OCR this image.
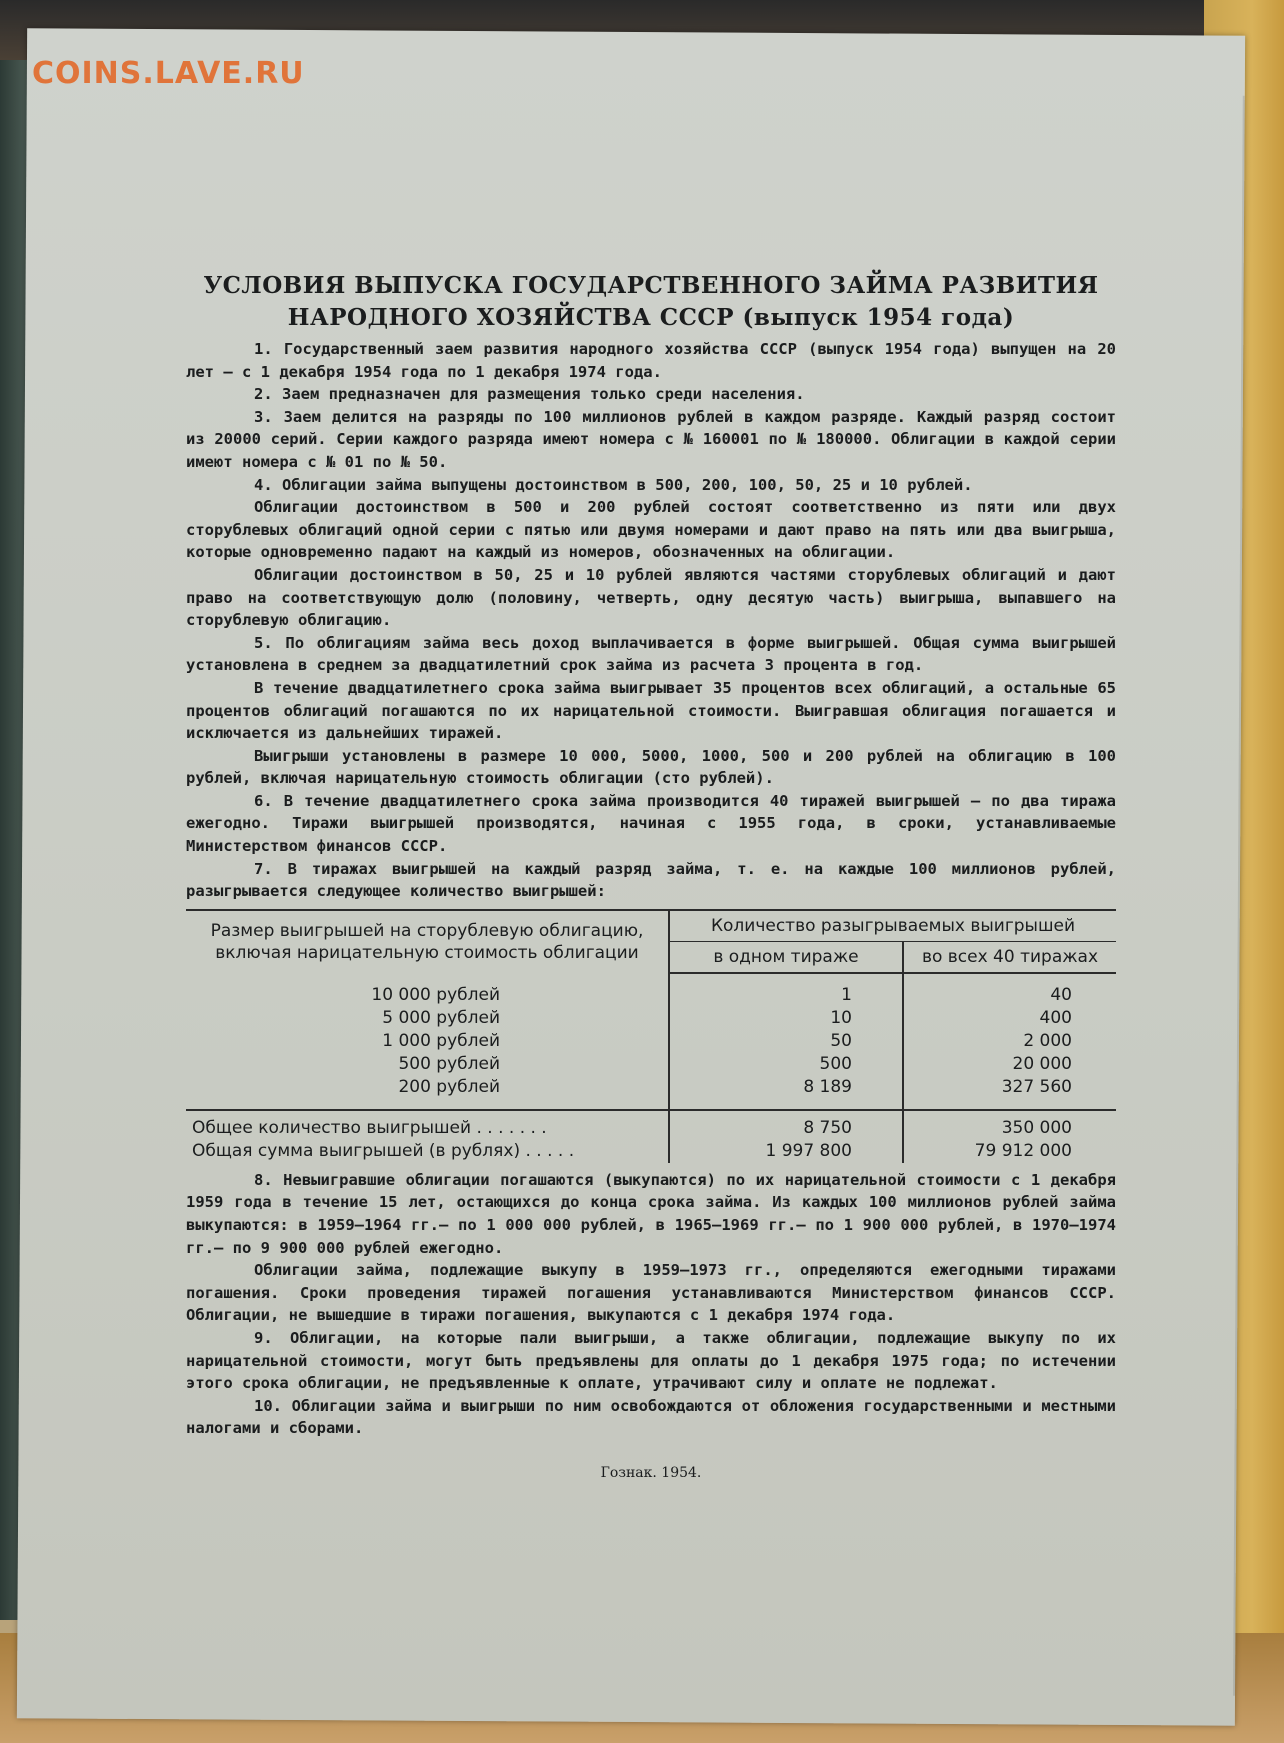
COINS.LAVE.RU
УСЛОВИЯ ВЫПУСКА ГОСУДАРСТВЕННОГО ЗАЙМА РАЗВИТИЯ
НАРОДНОГО ХОЗЯЙСТВА СССР (выпуск 1954 года)
1. Государственный заем развития народного хозяйства СССР (выпуск 1954 года) выпущен на 20 лет — с 1 декабря 1954 года по 1 декабря 1974 года.
2. Заем предназначен для размещения только среди населения.
3. Заем делится на разряды по 100 миллионов рублей в каждом разряде. Каждый разряд состоит из 20000 серий. Серии каждого разряда имеют номера с № 160001 по № 180000. Облигации в каждой серии имеют номера с № 01 по № 50.
4. Облигации займа выпущены достоинством в 500, 200, 100, 50, 25 и 10 рублей.
Облигации достоинством в 500 и 200 рублей состоят соответственно из пяти или двух сторублевых облигаций одной серии с пятью или двумя номерами и дают право на пять или два выигрыша, которые одновременно падают на каждый из номеров, обозначенных на облигации.
Облигации достоинством в 50, 25 и 10 рублей являются частями сторублевых облигаций и дают право на соответствующую долю (половину, четверть, одну десятую часть) выигрыша, выпавшего на сторублевую облигацию.
5. По облигациям займа весь доход выплачивается в форме выигрышей. Общая сумма выигрышей установлена в среднем за двадцатилетний срок займа из расчета 3 процента в год.
В течение двадцатилетнего срока займа выигрывает 35 процентов всех облигаций, а остальные 65 процентов облигаций погашаются по их нарицательной стоимости. Выигравшая облигация погашается и исключается из дальнейших тиражей.
Выигрыши установлены в размере 10 000, 5000, 1000, 500 и 200 рублей на облигацию в 100 рублей, включая нарицательную стоимость облигации (сто рублей).
6. В течение двадцатилетнего срока займа производится 40 тиражей выигрышей — по два тиража ежегодно. Тиражи выигрышей производятся, начиная с 1955 года, в сроки, устанавливаемые Министерством финансов СССР.
7. В тиражах выигрышей на каждый разряд займа, т. е. на каждые 100 миллионов рублей, разыгрывается следующее количество выигрышей:
Размер выигрышей на сторублевую облигацию,
включая нарицательную стоимость облигации	Количество разыгрываемых выигрышей	
	в одном тираже	во всех 40 тиражах

10 000 рублей	1	40
5 000 рублей	10	400
1 000 рублей	50	2 000
500 рублей	500	20 000
200 рублей	8 189	327 560

Общее количество выигрышей . . . . . . .	8 750	350 000
Общая сумма выигрышей (в рублях) . . . . .	1 997 800	79 912 000
8. Невыигравшие облигации погашаются (выкупаются) по их нарицательной стоимости с 1 декабря 1959 года в течение 15 лет, остающихся до конца срока займа. Из каждых 100 миллионов рублей займа выкупаются: в 1959—1964 гг.— по 1 000 000 рублей, в 1965—1969 гг.— по 1 900 000 рублей, в 1970—1974 гг.— по 9 900 000 рублей ежегодно.
Облигации займа, подлежащие выкупу в 1959—1973 гг., определяются ежегодными тиражами погашения. Сроки проведения тиражей погашения устанавливаются Министерством финансов СССР. Облигации, не вышедшие в тиражи погашения, выкупаются с 1 декабря 1974 года.
9. Облигации, на которые пали выигрыши, а также облигации, подлежащие выкупу по их нарицательной стоимости, могут быть предъявлены для оплаты до 1 декабря 1975 года; по истечении этого срока облигации, не предъявленные к оплате, утрачивают силу и оплате не подлежат.
10. Облигации займа и выигрыши по ним освобождаются от обложения государственными и местными налогами и сборами.
Гознак. 1954.
